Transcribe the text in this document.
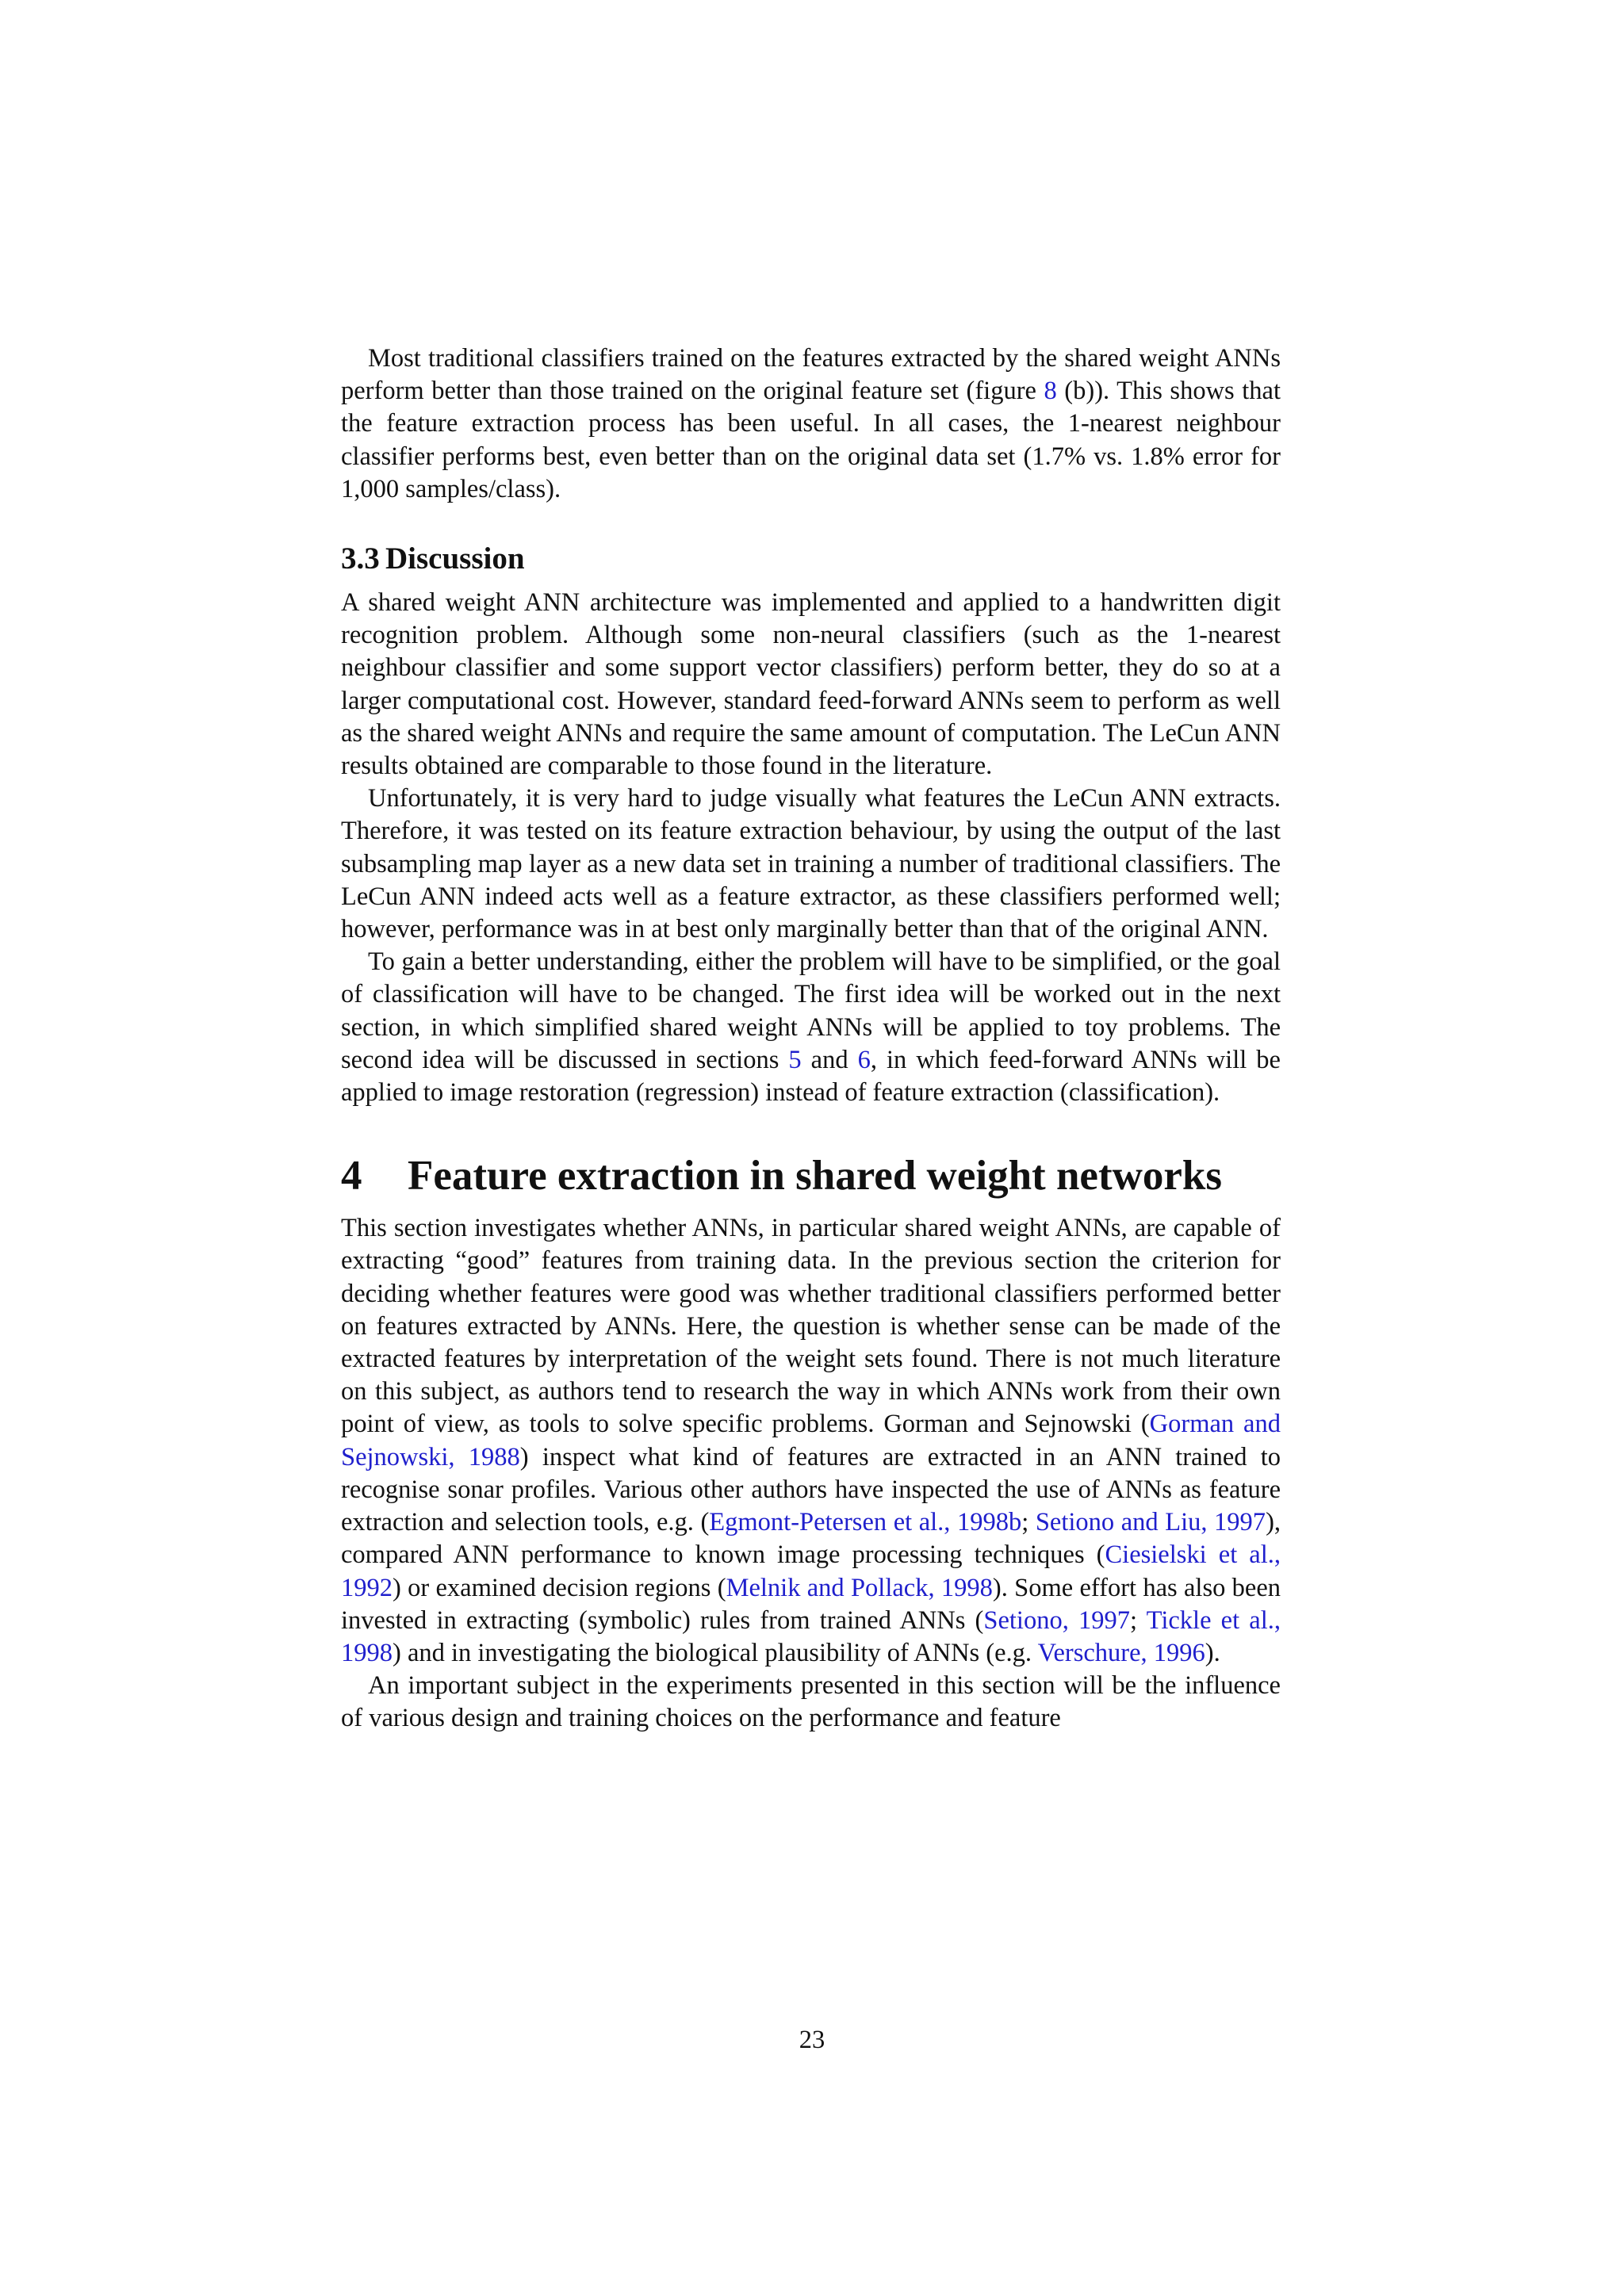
Most traditional classifiers trained on the features extracted by the shared weight ANNs perform better than those trained on the original feature set (figure 8 (b)). This shows that the feature extraction process has been useful. In all cases, the 1-nearest neighbour classifier performs best, even better than on the original data set (1.7% vs. 1.8% error for 1,000 samples/class).

3.3 Discussion

A shared weight ANN architecture was implemented and applied to a handwritten digit recognition problem. Although some non-neural classifiers (such as the 1-nearest neighbour classifier and some support vector classifiers) perform better, they do so at a larger computational cost. However, standard feed-forward ANNs seem to perform as well as the shared weight ANNs and require the same amount of computation. The LeCun ANN results obtained are comparable to those found in the literature.

Unfortunately, it is very hard to judge visually what features the LeCun ANN extracts. Therefore, it was tested on its feature extraction behaviour, by using the output of the last subsampling map layer as a new data set in training a number of traditional classifiers. The LeCun ANN indeed acts well as a feature extractor, as these classifiers performed well; however, performance was in at best only marginally better than that of the original ANN.

To gain a better understanding, either the problem will have to be simplified, or the goal of classification will have to be changed. The first idea will be worked out in the next section, in which simplified shared weight ANNs will be applied to toy problems. The second idea will be discussed in sections 5 and 6, in which feed-forward ANNs will be applied to image restoration (regression) instead of feature extraction (classification).

4 Feature extraction in shared weight networks

This section investigates whether ANNs, in particular shared weight ANNs, are capable of extracting “good” features from training data. In the previous section the criterion for deciding whether features were good was whether traditional classifiers performed better on features extracted by ANNs. Here, the question is whether sense can be made of the extracted features by interpretation of the weight sets found. There is not much literature on this subject, as authors tend to research the way in which ANNs work from their own point of view, as tools to solve specific problems. Gorman and Sejnowski (Gorman and Sejnowski, 1988) inspect what kind of features are extracted in an ANN trained to recognise sonar profiles. Various other authors have inspected the use of ANNs as feature extraction and selection tools, e.g. (Egmont-Petersen et al., 1998b; Setiono and Liu, 1997), compared ANN performance to known image processing techniques (Ciesielski et al., 1992) or examined decision regions (Melnik and Pollack, 1998). Some effort has also been invested in extracting (symbolic) rules from trained ANNs (Setiono, 1997; Tickle et al., 1998) and in investigating the biological plausibility of ANNs (e.g. Verschure, 1996).

An important subject in the experiments presented in this section will be the influence of various design and training choices on the performance and feature

23
